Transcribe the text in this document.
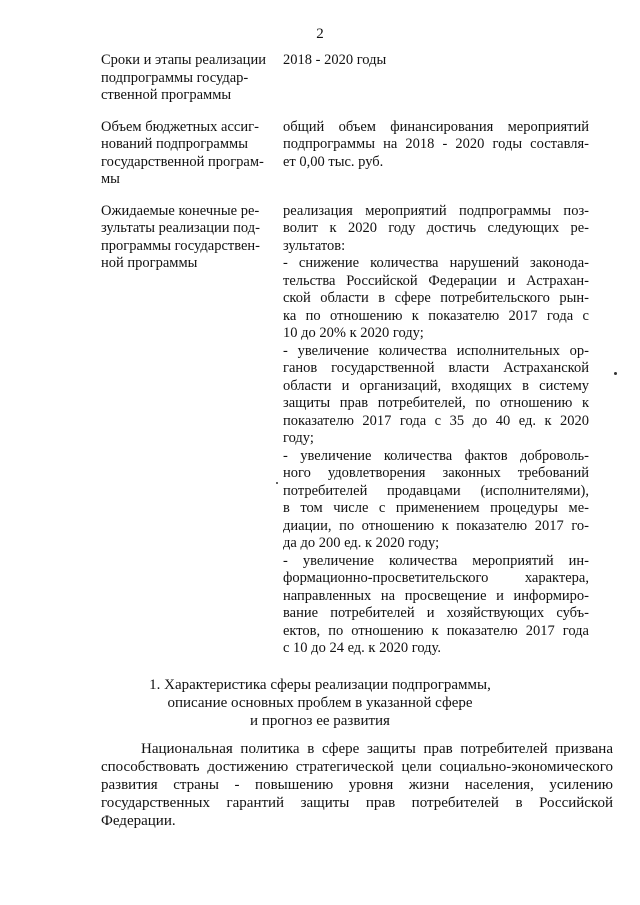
2
Сроки и этапы реализации
подпрограммы государ-
ственной программы
2018 - 2020 годы
Объем бюджетных ассиг-
нований подпрограммы
государственной програм-
мы
общий объем финансирования мероприятий
подпрограммы на 2018 - 2020 годы составля-
ет 0,00 тыс. руб.
Ожидаемые конечные ре-
зультаты реализации под-
программы государствен-
ной программы
реализация мероприятий подпрограммы поз-
волит к 2020 году достичь следующих ре-
зультатов:
- снижение количества нарушений законода-
тельства Российской Федерации и Астрахан-
ской области в сфере потребительского рын-
ка по отношению к показателю 2017 года с
10 до 20% к 2020 году;
- увеличение количества исполнительных ор-
ганов государственной власти Астраханской
области и организаций, входящих в систему
защиты прав потребителей, по отношению к
показателю 2017 года с 35 до 40 ед. к 2020
году;
- увеличение количества фактов доброволь-
ного удовлетворения законных требований
потребителей продавцами (исполнителями),
в том числе с применением процедуры ме-
диации, по отношению к показателю 2017 го-
да до 200 ед. к 2020 году;
- увеличение количества мероприятий ин-
формационно-просветительского характера,
направленных на просвещение и информиро-
вание потребителей и хозяйствующих субъ-
ектов, по отношению к показателю 2017 года
с 10 до 24 ед. к 2020 году.
1. Характеристика сферы реализации подпрограммы,
описание основных проблем в указанной сфере
и прогноз ее развития
Национальная политика в сфере защиты прав потребителей призвана
способствовать достижению стратегической цели социально-экономического
развития страны - повышению уровня жизни населения, усилению
государственных гарантий защиты прав потребителей в Российской
Федерации.
